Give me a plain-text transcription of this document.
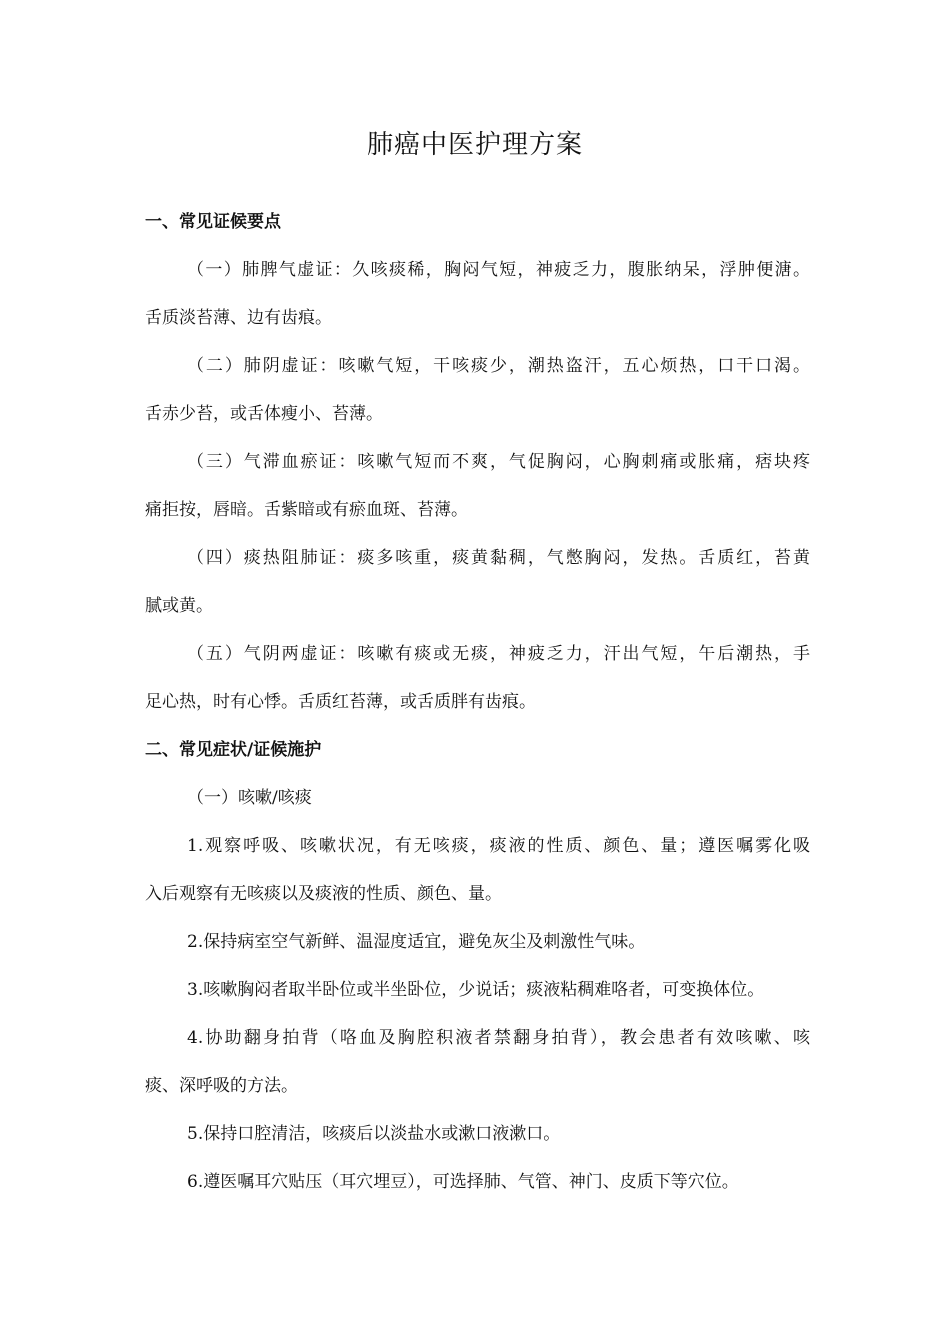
肺癌中医护理方案
一、常见证候要点
（一）肺脾气虚证：久咳痰稀，胸闷气短，神疲乏力，腹胀纳呆，浮肿便溏。
舌质淡苔薄、边有齿痕。
（二）肺阴虚证：咳嗽气短，干咳痰少，潮热盗汗，五心烦热，口干口渴。
舌赤少苔，或舌体瘦小、苔薄。
（三）气滞血瘀证：咳嗽气短而不爽，气促胸闷，心胸刺痛或胀痛，痞块疼
痛拒按，唇暗。舌紫暗或有瘀血斑、苔薄。
（四）痰热阻肺证：痰多咳重，痰黄黏稠，气憋胸闷，发热。舌质红，苔黄
腻或黄。
（五）气阴两虚证：咳嗽有痰或无痰，神疲乏力，汗出气短，午后潮热，手
足心热，时有心悸。舌质红苔薄，或舌质胖有齿痕。
二、常见症状/证候施护
（一）咳嗽/咳痰
1.观察呼吸、咳嗽状况，有无咳痰，痰液的性质、颜色、量；遵医嘱雾化吸
入后观察有无咳痰以及痰液的性质、颜色、量。
2.保持病室空气新鲜、温湿度适宜，避免灰尘及刺激性气味。
3.咳嗽胸闷者取半卧位或半坐卧位，少说话；痰液粘稠难咯者，可变换体位。
4.协助翻身拍背（咯血及胸腔积液者禁翻身拍背），教会患者有效咳嗽、咳
痰、深呼吸的方法。
5.保持口腔清洁，咳痰后以淡盐水或漱口液漱口。
6.遵医嘱耳穴贴压（耳穴埋豆），可选择肺、气管、神门、皮质下等穴位。
